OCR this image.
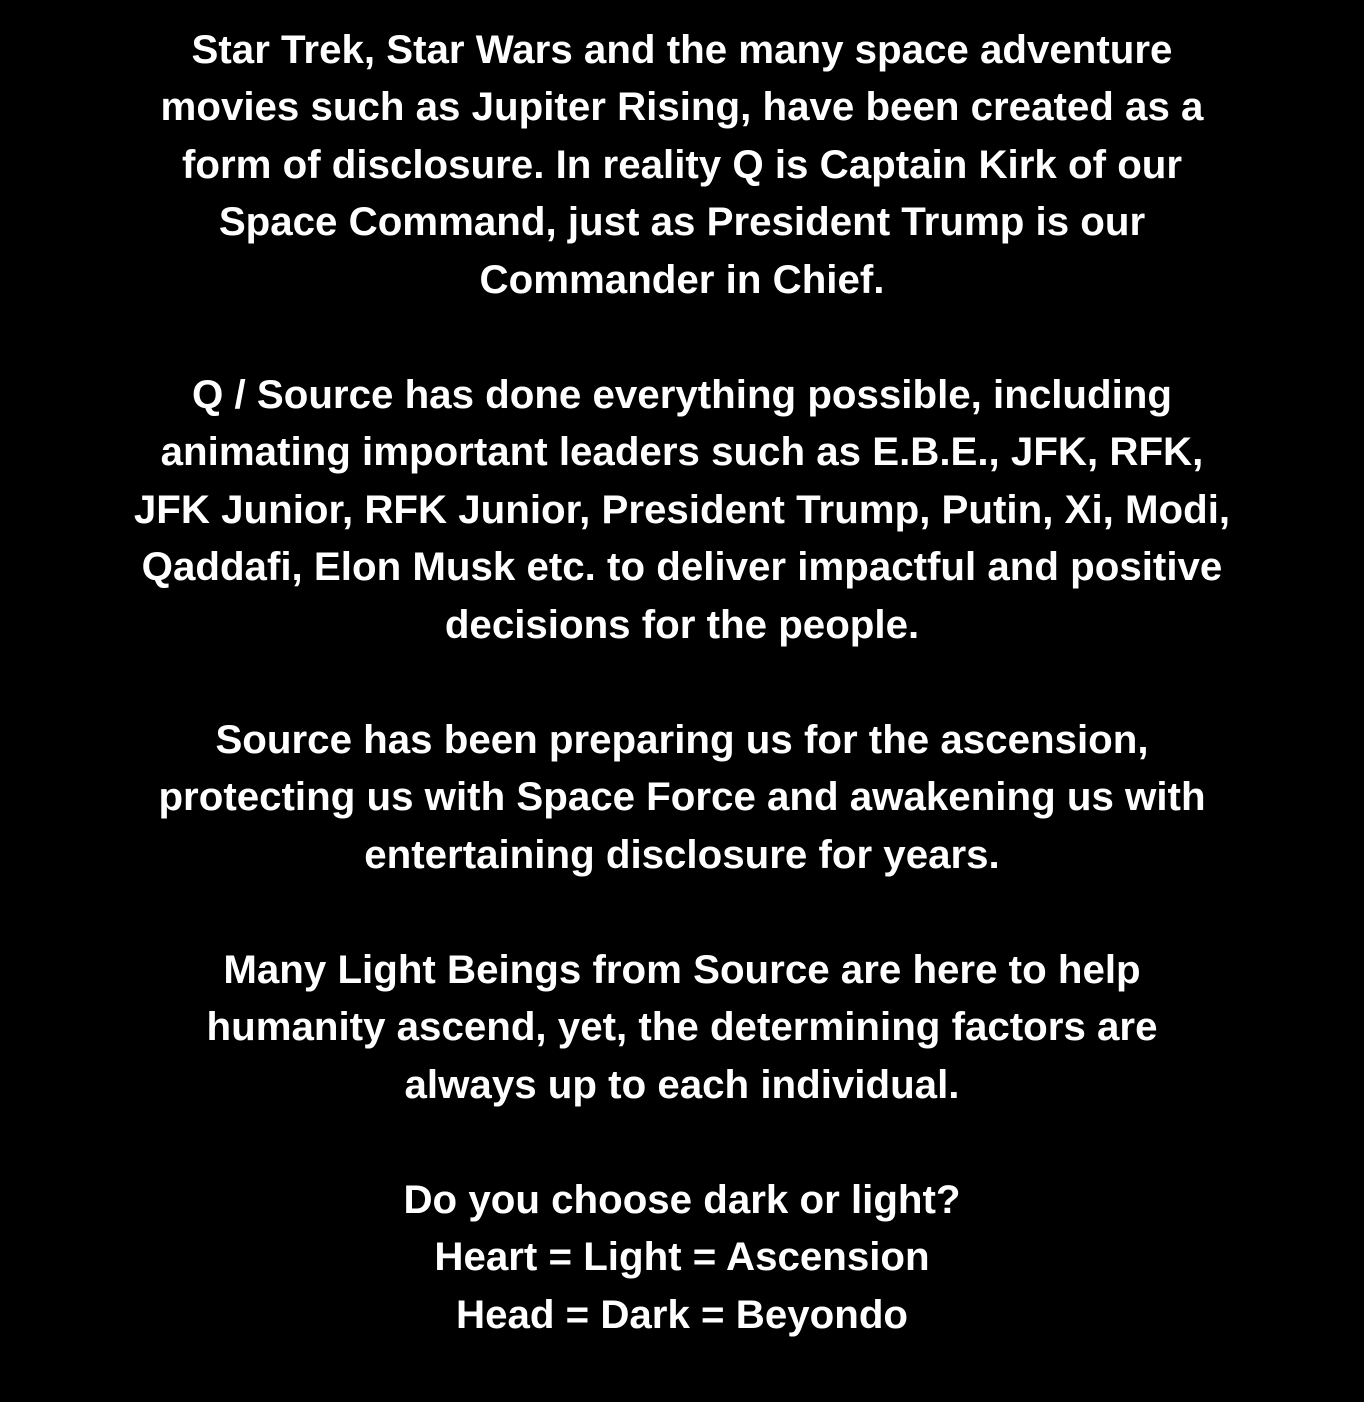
Star Trek, Star Wars and the many space adventure
movies such as Jupiter Rising, have been created as a
form of disclosure. In reality Q is Captain Kirk of our
Space Command, just as President Trump is our
Commander in Chief.
Q / Source has done everything possible, including
animating important leaders such as E.B.E., JFK, RFK,
JFK Junior, RFK Junior, President Trump, Putin, Xi, Modi,
Qaddafi, Elon Musk etc. to deliver impactful and positive
decisions for the people.
Source has been preparing us for the ascension,
protecting us with Space Force and awakening us with
entertaining disclosure for years.
Many Light Beings from Source are here to help
humanity ascend, yet, the determining factors are
always up to each individual.
Do you choose dark or light?
Heart = Light = Ascension
Head = Dark = Beyondo
